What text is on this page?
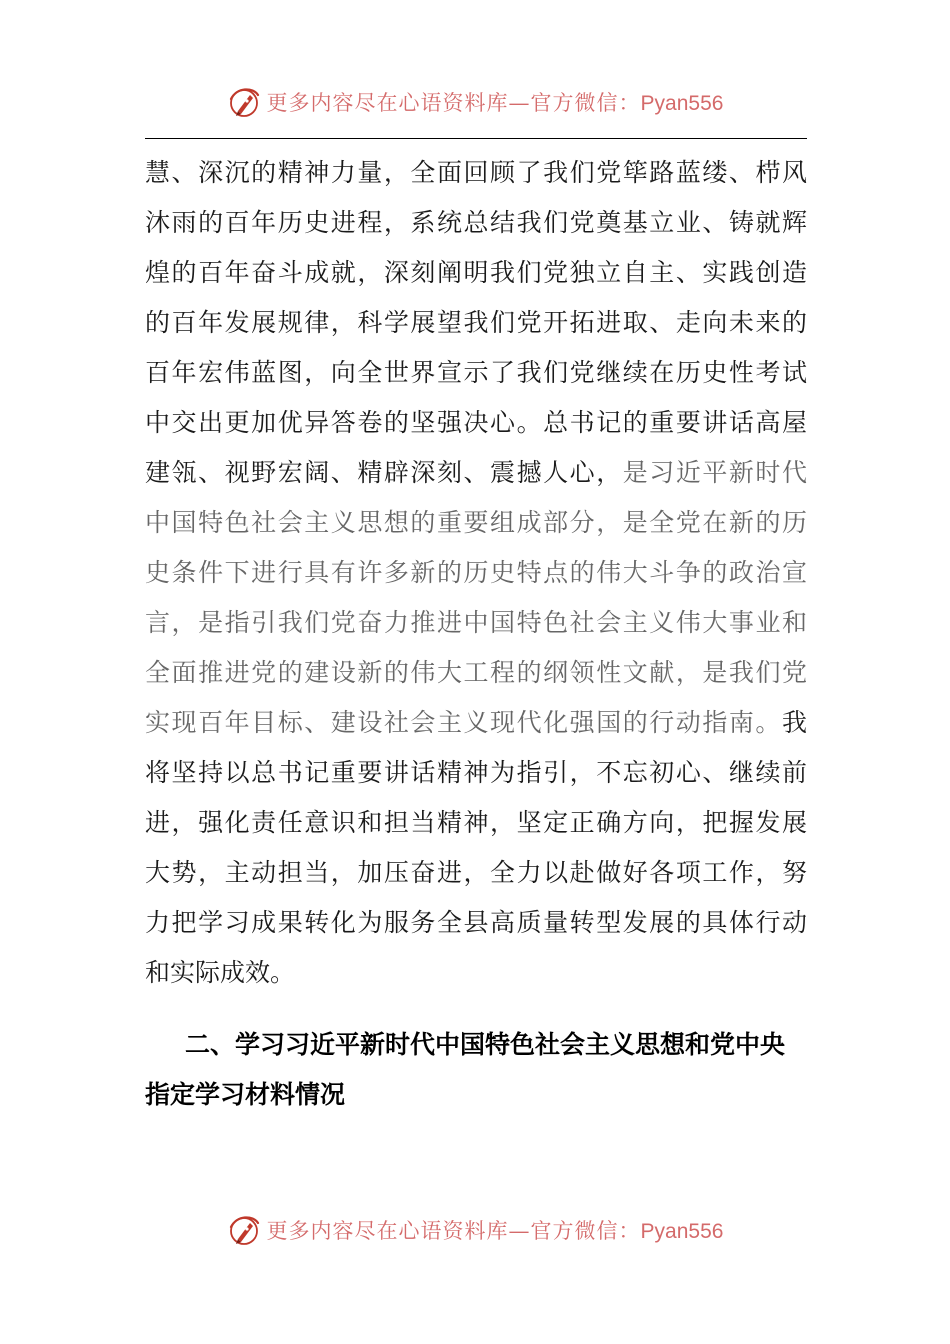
更多内容尽在心语资料库—官方微信：Pyan556
慧、深沉的精神力量，全面回顾了我们党筚路蓝缕、栉风
沐雨的百年历史进程，系统总结我们党奠基立业、铸就辉
煌的百年奋斗成就，深刻阐明我们党独立自主、实践创造
的百年发展规律，科学展望我们党开拓进取、走向未来的
百年宏伟蓝图，向全世界宣示了我们党继续在历史性考试
中交出更加优异答卷的坚强决心。总书记的重要讲话高屋
建瓴、视野宏阔、精辟深刻、震撼人心，是习近平新时代
中国特色社会主义思想的重要组成部分，是全党在新的历
史条件下进行具有许多新的历史特点的伟大斗争的政治宣
言，是指引我们党奋力推进中国特色社会主义伟大事业和
全面推进党的建设新的伟大工程的纲领性文献，是我们党
实现百年目标、建设社会主义现代化强国的行动指南。我
将坚持以总书记重要讲话精神为指引，不忘初心、继续前
进，强化责任意识和担当精神，坚定正确方向，把握发展
大势，主动担当，加压奋进，全力以赴做好各项工作，努
力把学习成果转化为服务全县高质量转型发展的具体行动
和实际成效。
二、学习习近平新时代中国特色社会主义思想和党中央
指定学习材料情况
更多内容尽在心语资料库—官方微信：Pyan556
